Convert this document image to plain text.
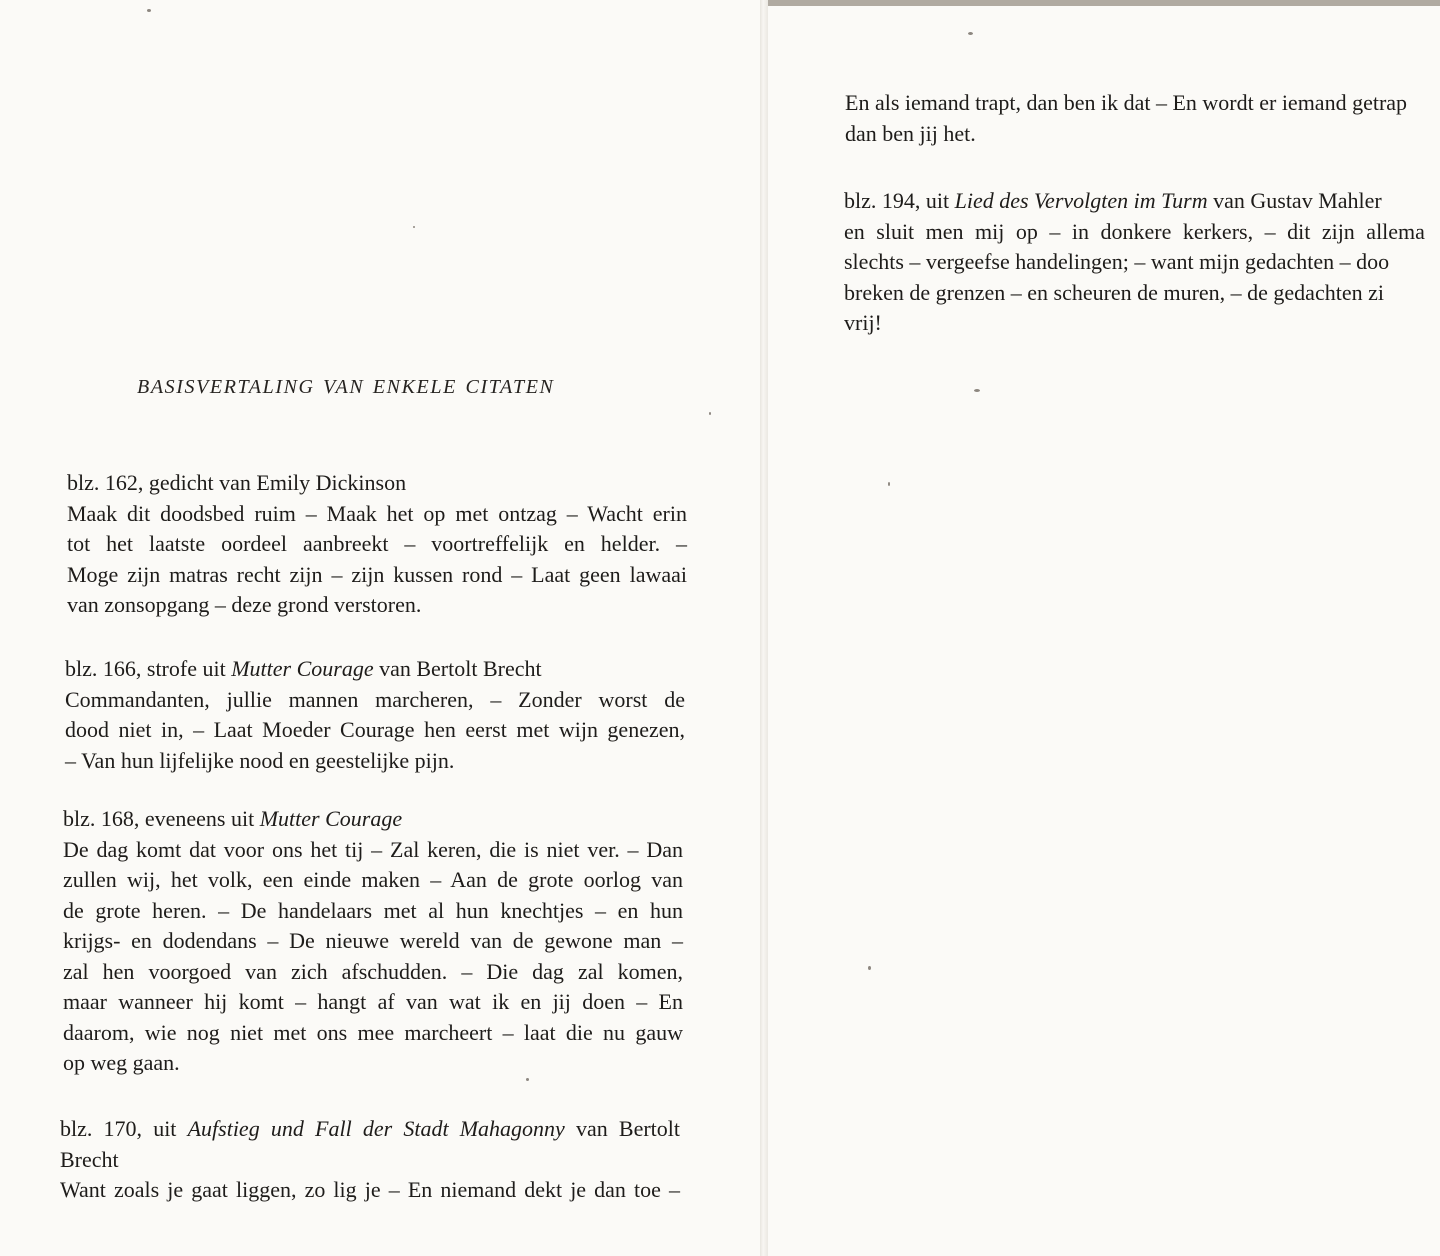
BASISVERTALING VAN ENKELE CITATEN
blz. 162, gedicht van Emily Dickinson
Maak dit doodsbed ruim – Maak het op met ontzag – Wacht erin
tot het laatste oordeel aanbreekt – voortreffelijk en helder. –
Moge zijn matras recht zijn – zijn kussen rond – Laat geen lawaai
van zonsopgang – deze grond verstoren.
blz. 166, strofe uit Mutter Courage van Bertolt Brecht
Commandanten, jullie mannen marcheren, – Zonder worst de
dood niet in, – Laat Moeder Courage hen eerst met wijn genezen,
– Van hun lijfelijke nood en geestelijke pijn.
blz. 168, eveneens uit Mutter Courage
De dag komt dat voor ons het tij – Zal keren, die is niet ver. – Dan
zullen wij, het volk, een einde maken – Aan de grote oorlog van
de grote heren. – De handelaars met al hun knechtjes – en hun
krijgs- en dodendans – De nieuwe wereld van de gewone man –
zal hen voorgoed van zich afschudden. – Die dag zal komen,
maar wanneer hij komt – hangt af van wat ik en jij doen – En
daarom, wie nog niet met ons mee marcheert – laat die nu gauw
op weg gaan.
blz. 170, uit Aufstieg und Fall der Stadt Mahagonny van Bertolt
Brecht
Want zoals je gaat liggen, zo lig je – En niemand dekt je dan toe –
En als iemand trapt, dan ben ik dat – En wordt er iemand getrap
dan ben jij het.
blz. 194, uit Lied des Vervolgten im Turm van Gustav Mahler
en sluit men mij op – in donkere kerkers, – dit zijn allema
slechts – vergeefse handelingen; – want mijn gedachten – doo
breken de grenzen – en scheuren de muren, – de gedachten zi
vrij!
